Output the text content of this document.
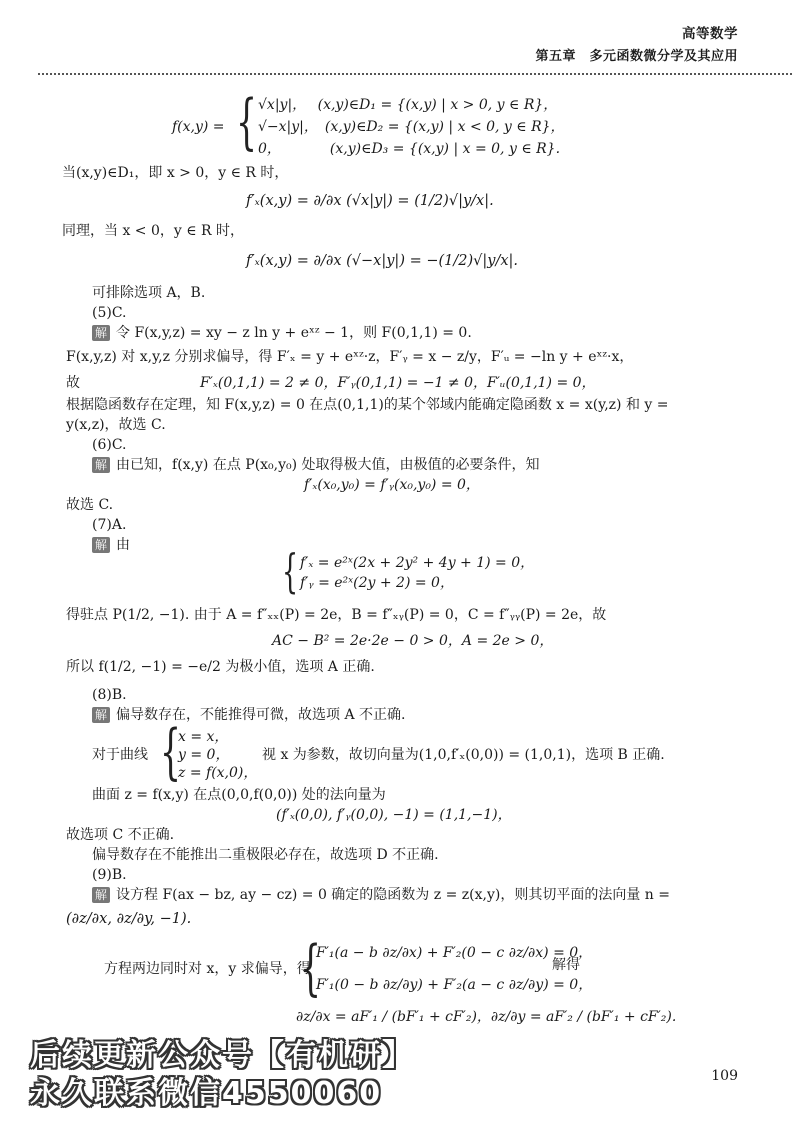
高等数学
第五章　多元函数微分学及其应用
f(x,y) = { √x|y|，　 (x,y)∈D₁ = {(x,y) | x > 0, y ∈ R}，
√−x|y|，　(x,y)∈D₂ = {(x,y) | x < 0, y ∈ R}，
0，　　　　(x,y)∈D₃ = {(x,y) | x = 0, y ∈ R}.
当(x,y)∈D₁，即 x > 0，y ∈ R 时，
f′ₓ(x,y) = ∂/∂x (√x|y|) = (1/2)√|y/x|.
同理，当 x < 0，y ∈ R 时，
f′ₓ(x,y) = ∂/∂x (√−x|y|) = −(1/2)√|y/x|.
可排除选项 A，B.
(5)C.
解 令 F(x,y,z) = xy − z ln y + eˣᶻ − 1，则 F(0,1,1) = 0.
F(x,y,z) 对 x,y,z 分别求偏导，得 F′ₓ = y + eˣᶻ·z，F′ᵧ = x − z/y，F′ᵤ = −ln y + eˣᶻ·x，
故	F′ₓ(0,1,1) = 2 ≠ 0，F′ᵧ(0,1,1) = −1 ≠ 0，F′ᵤ(0,1,1) = 0，
根据隐函数存在定理，知 F(x,y,z) = 0 在点(0,1,1)的某个邻域内能确定隐函数 x = x(y,z) 和 y =
y(x,z)，故选 C.
(6)C.
解 由已知，f(x,y) 在点 P(x₀,y₀) 处取得极大值，由极值的必要条件，知
f′ₓ(x₀,y₀) = f′ᵧ(x₀,y₀) = 0，
故选 C.
(7)A.
解 由	{ f′ₓ = e²ˣ(2x + 2y² + 4y + 1) = 0，
f′ᵧ = e²ˣ(2y + 2) = 0，
得驻点 P(1/2, −1). 由于 A = f″ₓₓ(P) = 2e，B = f″ₓᵧ(P) = 0，C = f″ᵧᵧ(P) = 2e，故
AC − B² = 2e·2e − 0 > 0，A = 2e > 0，
所以 f(1/2, −1) = −e/2 为极小值，选项 A 正确.
(8)B.
解 偏导数存在，不能推得可微，故选项 A 不正确.
{
x = x，
对于曲线 y = 0， 视 x 为参数，故切向量为(1,0,f′ₓ(0,0)) = (1,0,1)，选项 B 正确.
z = f(x,0)，
曲面 z = f(x,y) 在点(0,0,f(0,0)) 处的法向量为
(f′ₓ(0,0), f′ᵧ(0,0), −1) = (1,1,−1)，
故选项 C 不正确.
偏导数存在不能推出二重极限必存在，故选项 D 不正确.
(9)B.
解 设方程 F(ax − bz, ay − cz) = 0 确定的隐函数为 z = z(x,y)，则其切平面的法向量 n =
(∂z/∂x, ∂z/∂y, −1).
{
F′₁(a − b ∂z/∂x) + F′₂(0 − c ∂z/∂x) = 0，
方程两边同时对 x，y 求偏导，得	解得
F′₁(0 − b ∂z/∂y) + F′₂(a − c ∂z/∂y) = 0，
∂z/∂x = aF′₁ / (bF′₁ + cF′₂)，∂z/∂y = aF′₂ / (bF′₁ + cF′₂).
109
后续更新公众号【有机研】
永久联系微信4550060
